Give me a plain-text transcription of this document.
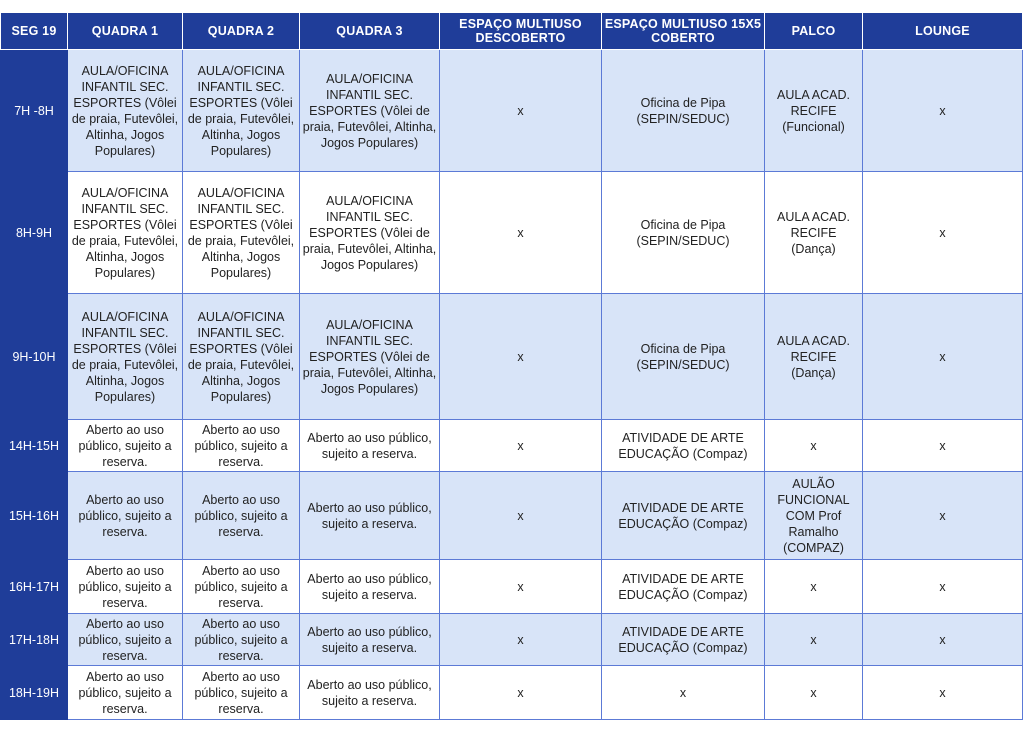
SEG 19	QUADRA 1	QUADRA 2	QUADRA 3	ESPAÇO MULTIUSO DESCOBERTO	ESPAÇO MULTIUSO 15X5 COBERTO	PALCO	LOUNGE
7H -8H	AULA/OFICINA INFANTIL SEC. ESPORTES (Vôlei de praia, Futevôlei, Altinha, Jogos Populares)	AULA/OFICINA INFANTIL SEC. ESPORTES (Vôlei de praia, Futevôlei, Altinha, Jogos Populares)	AULA/OFICINA INFANTIL SEC. ESPORTES (Vôlei de praia, Futevôlei, Altinha, Jogos Populares)	x	Oficina de Pipa (SEPIN/SEDUC)	AULA ACAD. RECIFE (Funcional)	x
8H-9H	AULA/OFICINA INFANTIL SEC. ESPORTES (Vôlei de praia, Futevôlei, Altinha, Jogos Populares)	AULA/OFICINA INFANTIL SEC. ESPORTES (Vôlei de praia, Futevôlei, Altinha, Jogos Populares)	AULA/OFICINA INFANTIL SEC. ESPORTES (Vôlei de praia, Futevôlei, Altinha, Jogos Populares)	x	Oficina de Pipa (SEPIN/SEDUC)	AULA ACAD. RECIFE (Dança)	x
9H-10H	AULA/OFICINA INFANTIL SEC. ESPORTES (Vôlei de praia, Futevôlei, Altinha, Jogos Populares)	AULA/OFICINA INFANTIL SEC. ESPORTES (Vôlei de praia, Futevôlei, Altinha, Jogos Populares)	AULA/OFICINA INFANTIL SEC. ESPORTES (Vôlei de praia, Futevôlei, Altinha, Jogos Populares)	x	Oficina de Pipa (SEPIN/SEDUC)	AULA ACAD. RECIFE (Dança)	x
14H-15H	Aberto ao uso público, sujeito a reserva.	Aberto ao uso público, sujeito a reserva.	Aberto ao uso público, sujeito a reserva.	x	ATIVIDADE DE ARTE EDUCAÇÃO (Compaz)	x	x
15H-16H	Aberto ao uso público, sujeito a reserva.	Aberto ao uso público, sujeito a reserva.	Aberto ao uso público, sujeito a reserva.	x	ATIVIDADE DE ARTE EDUCAÇÃO (Compaz)	AULÃO FUNCIONAL COM Prof Ramalho (COMPAZ)	x
16H-17H	Aberto ao uso público, sujeito a reserva.	Aberto ao uso público, sujeito a reserva.	Aberto ao uso público, sujeito a reserva.	x	ATIVIDADE DE ARTE EDUCAÇÃO (Compaz)	x	x
17H-18H	Aberto ao uso público, sujeito a reserva.	Aberto ao uso público, sujeito a reserva.	Aberto ao uso público, sujeito a reserva.	x	ATIVIDADE DE ARTE EDUCAÇÃO (Compaz)	x	x
18H-19H	Aberto ao uso público, sujeito a reserva.	Aberto ao uso público, sujeito a reserva.	Aberto ao uso público, sujeito a reserva.	x	x	x	x
